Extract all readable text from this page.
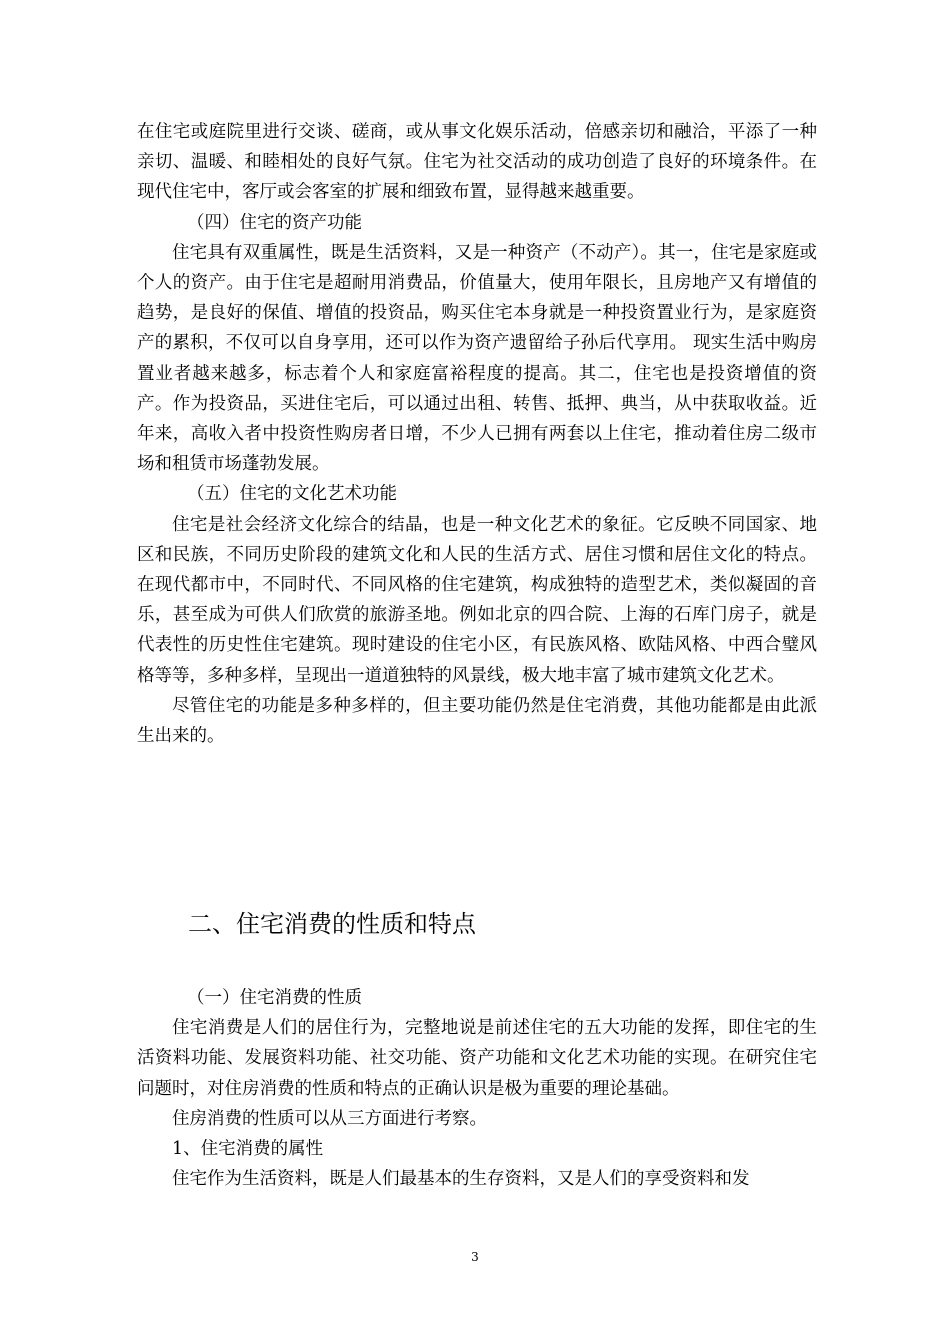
在住宅或庭院里进行交谈、磋商，或从事文化娱乐活动，倍感亲切和融洽，平添了一种亲切、温暖、和睦相处的良好气氛。住宅为社交活动的成功创造了良好的环境条件。在现代住宅中，客厅或会客室的扩展和细致布置，显得越来越重要。

（四）住宅的资产功能

住宅具有双重属性，既是生活资料，又是一种资产（不动产）。其一，住宅是家庭或个人的资产。由于住宅是超耐用消费品，价值量大，使用年限长，且房地产又有增值的趋势，是良好的保值、增值的投资品，购买住宅本身就是一种投资置业行为，是家庭资产的累积，不仅可以自身享用，还可以作为资产遗留给子孙后代享用。 现实生活中购房置业者越来越多，标志着个人和家庭富裕程度的提高。其二，住宅也是投资增值的资产。作为投资品，买进住宅后，可以通过出租、转售、抵押、典当，从中获取收益。近年来，高收入者中投资性购房者日增，不少人已拥有两套以上住宅，推动着住房二级市场和租赁市场蓬勃发展。

（五）住宅的文化艺术功能

住宅是社会经济文化综合的结晶，也是一种文化艺术的象征。它反映不同国家、地区和民族，不同历史阶段的建筑文化和人民的生活方式、居住习惯和居住文化的特点。在现代都市中，不同时代、不同风格的住宅建筑，构成独特的造型艺术，类似凝固的音乐，甚至成为可供人们欣赏的旅游圣地。例如北京的四合院、上海的石库门房子，就是代表性的历史性住宅建筑。现时建设的住宅小区，有民族风格、欧陆风格、中西合璧风格等等，多种多样，呈现出一道道独特的风景线，极大地丰富了城市建筑文化艺术。

尽管住宅的功能是多种多样的，但主要功能仍然是住宅消费，其他功能都是由此派生出来的。

二、住宅消费的性质和特点

（一）住宅消费的性质

住宅消费是人们的居住行为，完整地说是前述住宅的五大功能的发挥，即住宅的生活资料功能、发展资料功能、社交功能、资产功能和文化艺术功能的实现。在研究住宅问题时，对住房消费的性质和特点的正确认识是极为重要的理论基础。

住房消费的性质可以从三方面进行考察。

1、住宅消费的属性

住宅作为生活资料，既是人们最基本的生存资料，又是人们的享受资料和发

3
